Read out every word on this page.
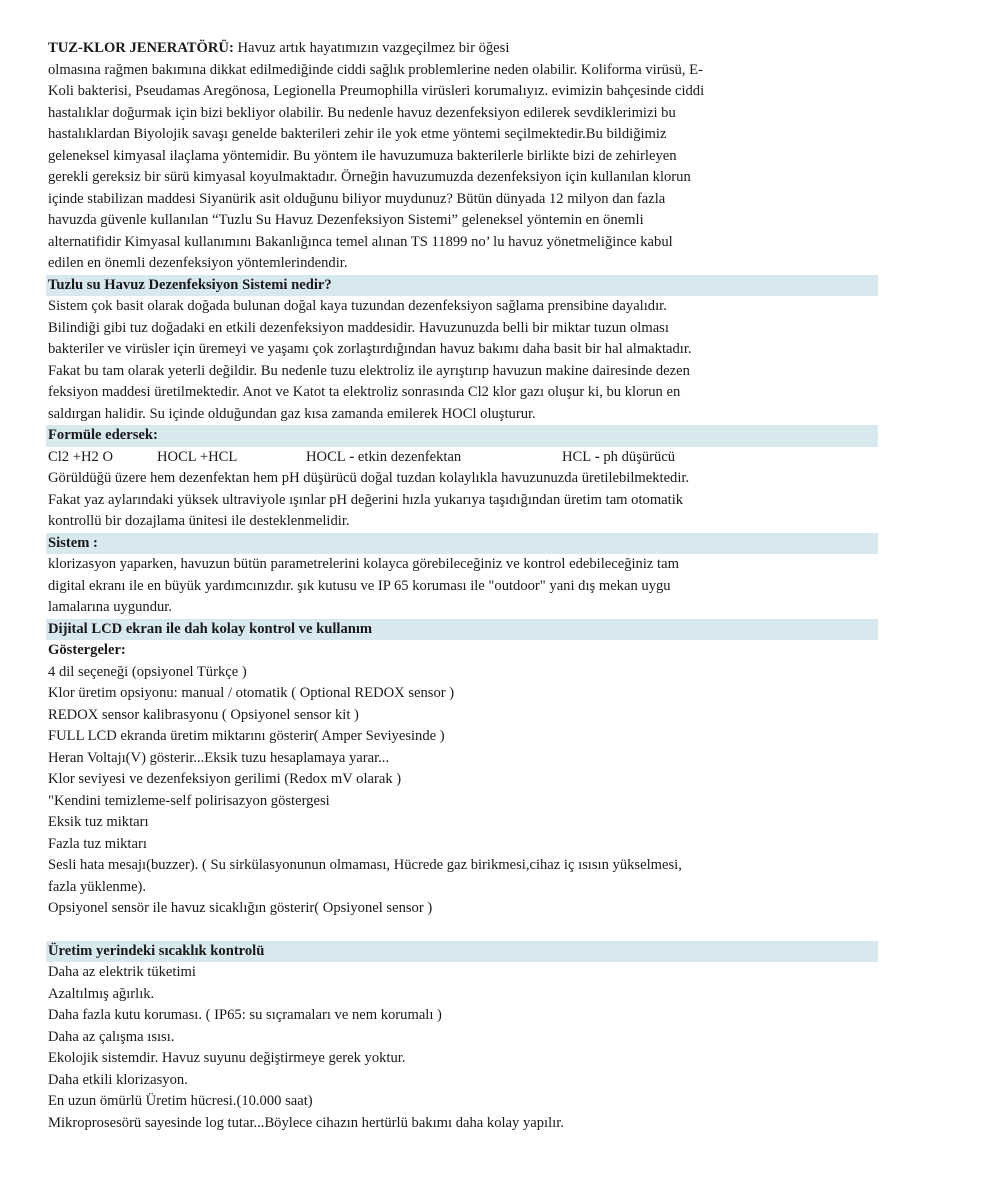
TUZ-KLOR JENERATÖRÜ: Havuz artık hayatımızın vazgeçilmez bir öğesi
olmasına rağmen bakımına dikkat edilmediğinde ciddi sağlık problemlerine neden olabilir. Koliforma virüsü, E-
Koli bakterisi, Pseudamas Aregönosa, Legionella Preumophilla virüsleri korumalıyız. evimizin bahçesinde ciddi
hastalıklar doğurmak için bizi bekliyor olabilir. Bu nedenle havuz dezenfeksiyon edilerek sevdiklerimizi bu
hastalıklardan Biyolojik savaşı genelde bakterileri zehir ile yok etme yöntemi seçilmektedir.Bu bildiğimiz
geleneksel kimyasal ilaçlama yöntemidir. Bu yöntem ile havuzumuza bakterilerle birlikte bizi de zehirleyen
gerekli gereksiz bir sürü kimyasal koyulmaktadır. Örneğin havuzumuzda dezenfeksiyon için kullanılan klorun
içinde stabilizan maddesi Siyanürik asit olduğunu biliyor muydunuz? Bütün dünyada 12 milyon dan fazla
havuzda güvenle kullanılan “Tuzlu Su Havuz Dezenfeksiyon Sistemi” geleneksel yöntemin en önemli
alternatifidir Kimyasal kullanımını Bakanlığınca temel alınan TS 11899 no’ lu havuz yönetmeliğince kabul
edilen en önemli dezenfeksiyon yöntemlerindendir.
Tuzlu su Havuz Dezenfeksiyon Sistemi nedir?
Sistem çok basit olarak doğada bulunan doğal kaya tuzundan dezenfeksiyon sağlama prensibine dayalıdır.
Bilindiği gibi tuz doğadaki en etkili dezenfeksiyon maddesidir. Havuzunuzda belli bir miktar tuzun olması
bakteriler ve virüsler için üremeyi ve yaşamı çok zorlaştırdığından havuz bakımı daha basit bir hal almaktadır.
Fakat bu tam olarak yeterli değildir. Bu nedenle tuzu elektroliz ile ayrıştırıp havuzun makine dairesinde dezen
feksiyon maddesi üretilmektedir. Anot ve Katot ta elektroliz sonrasında Cl2 klor gazı oluşur ki, bu klorun en
saldırgan halidir. Su içinde olduğundan gaz kısa zamanda emilerek HOCl oluşturur.
Formüle edersek:
Cl2 +H2 O	HOCL +HCL	HOCL - etkin dezenfektan	HCL - ph düşürücü
Görüldüğü üzere hem dezenfektan hem pH düşürücü doğal tuzdan kolaylıkla havuzunuzda üretilebilmektedir.
Fakat yaz aylarındaki yüksek ultraviyole ışınlar pH değerini hızla yukarıya taşıdığından üretim tam otomatik
kontrollü bir dozajlama ünitesi ile desteklenmelidir.
Sistem :
klorizasyon yaparken, havuzun bütün parametrelerini kolayca görebileceğiniz ve kontrol edebileceğiniz tam
digital ekranı ile en büyük yardımcınızdır. şık kutusu ve IP 65 koruması ile "outdoor" yani dış mekan uygu
lamalarına uygundur.
Dijital LCD ekran ile dah kolay kontrol ve kullanım
Göstergeler:
4 dil seçeneği (opsiyonel Türkçe )
Klor üretim opsiyonu: manual / otomatik ( Optional REDOX sensor )
REDOX sensor kalibrasyonu ( Opsiyonel sensor kit )
FULL LCD ekranda üretim miktarını gösterir( Amper Seviyesinde )
Heran Voltajı(V) gösterir...Eksik tuzu hesaplamaya yarar...
Klor seviyesi ve dezenfeksiyon gerilimi (Redox mV olarak )
"Kendini temizleme-self polirisazyon göstergesi
Eksik tuz miktarı
Fazla tuz miktarı
Sesli hata mesajı(buzzer). ( Su sirkülasyonunun olmaması, Hücrede gaz birikmesi,cihaz iç ısısın yükselmesi,
fazla yüklenme).
Opsiyonel sensör ile havuz sicaklığın gösterir( Opsiyonel sensor )
Üretim yerindeki sıcaklık kontrolü
Daha az elektrik tüketimi
Azaltılmış ağırlık.
Daha fazla kutu koruması. ( IP65: su sıçramaları ve nem korumalı )
Daha az çalışma ısısı.
Ekolojik sistemdir. Havuz suyunu değiştirmeye gerek yoktur.
Daha etkili klorizasyon.
En uzun ömürlü Üretim hücresi.(10.000 saat)
Mikroprosesörü sayesinde log tutar...Böylece cihazın hertürlü bakımı daha kolay yapılır.
